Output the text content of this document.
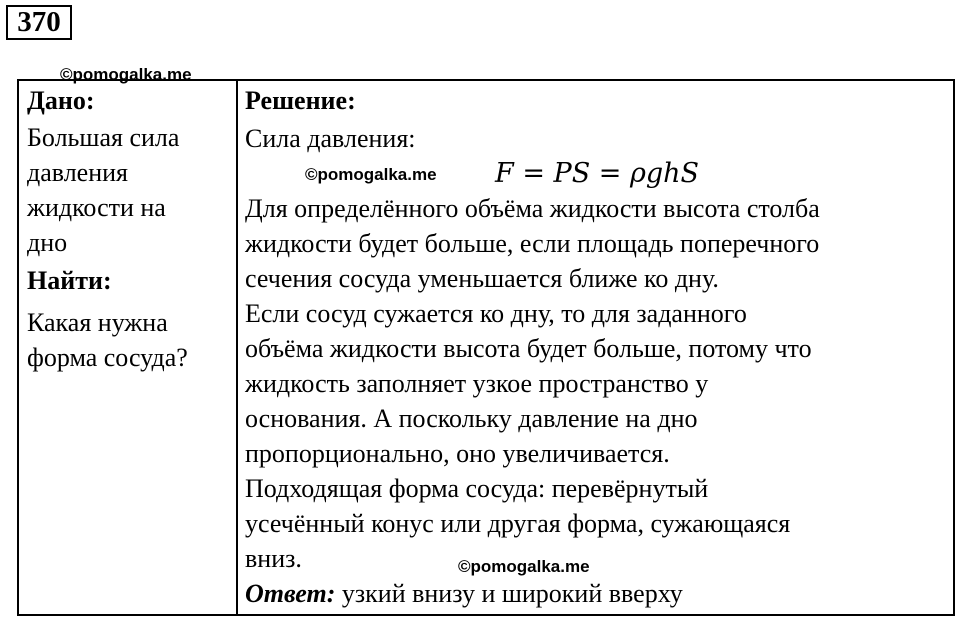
370
©pomogalka.me
Дано:
Большая сила
давления
жидкости на
дно
Найти:
Какая нужна
форма сосуда?
Решение:
Сила давления:
F = PS = ρghS
Для определённого объёма жидкости высота столба
жидкости будет больше, если площадь поперечного
сечения сосуда уменьшается ближе ко дну.
Если сосуд сужается ко дну, то для заданного
объёма жидкости высота будет больше, потому что
жидкость заполняет узкое пространство у
основания. А поскольку давление на дно
пропорционально, оно увеличивается.
Подходящая форма сосуда: перевёрнутый
усечённый конус или другая форма, сужающаяся
вниз.
Ответ: узкий внизу и широкий вверху
©pomogalka.me
©pomogalka.me
